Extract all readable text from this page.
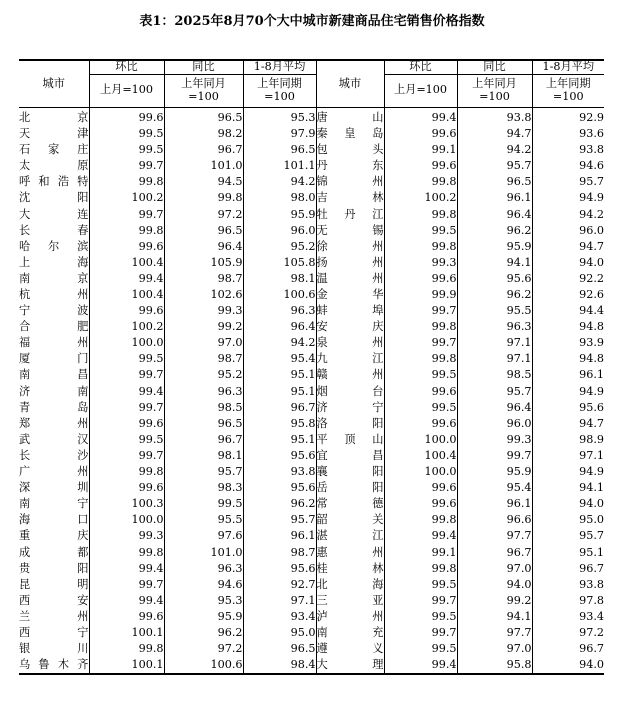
表1：2025年8月70个大中城市新建商品住宅销售价格指数
城市	环比	同比	1-8月平均	城市	环比	同比	1-8月平均
	上月=100	上年同月=100	上年同期=100		上月=100	上年同月=100	上年同期=100
北京	99.6	96.5	95.3	唐山	99.4	93.8	92.9
天津	99.5	98.2	97.9	秦皇岛	99.6	94.7	93.6
石家庄	99.5	96.7	96.5	包头	99.1	94.2	93.8
太原	99.7	101.0	101.1	丹东	99.6	95.7	94.6
呼和浩特	99.8	94.5	94.2	锦州	99.8	96.5	95.7
沈阳	100.2	99.8	98.0	吉林	100.2	96.1	94.9
大连	99.7	97.2	95.9	牡丹江	99.8	96.4	94.2
长春	99.8	96.5	96.0	无锡	99.5	96.2	96.0
哈尔滨	99.6	96.4	95.2	徐州	99.8	95.9	94.7
上海	100.4	105.9	105.8	扬州	99.3	94.1	94.0
南京	99.4	98.7	98.1	温州	99.6	95.6	92.2
杭州	100.4	102.6	100.6	金华	99.9	96.2	92.6
宁波	99.6	99.3	96.3	蚌埠	99.7	95.5	94.4
合肥	100.2	99.2	96.4	安庆	99.8	96.3	94.8
福州	100.0	97.0	94.2	泉州	99.7	97.1	93.9
厦门	99.5	98.7	95.4	九江	99.8	97.1	94.8
南昌	99.7	95.2	95.1	赣州	99.5	98.5	96.1
济南	99.4	96.3	95.1	烟台	99.6	95.7	94.9
青岛	99.7	98.5	96.7	济宁	99.5	96.4	95.6
郑州	99.6	96.5	95.8	洛阳	99.6	96.0	94.7
武汉	99.5	96.7	95.1	平顶山	100.0	99.3	98.9
长沙	99.7	98.1	95.6	宜昌	100.4	99.7	97.1
广州	99.8	95.7	93.8	襄阳	100.0	95.9	94.9
深圳	99.6	98.3	95.6	岳阳	99.6	95.4	94.1
南宁	100.3	99.5	96.2	常德	99.6	96.1	94.0
海口	100.0	95.5	95.7	韶关	99.8	96.6	95.0
重庆	99.3	97.6	96.1	湛江	99.4	97.7	95.7
成都	99.8	101.0	98.7	惠州	99.1	96.7	95.1
贵阳	99.4	96.3	95.6	桂林	99.8	97.0	96.7
昆明	99.7	94.6	92.7	北海	99.5	94.0	93.8
西安	99.4	95.3	97.1	三亚	99.7	99.2	97.8
兰州	99.6	95.9	93.4	泸州	99.5	94.1	93.4
西宁	100.1	96.2	95.0	南充	99.7	97.7	97.2
银川	99.8	97.2	96.5	遵义	99.5	97.0	96.7
乌鲁木齐	100.1	100.6	98.4	大理	99.4	95.8	94.0
